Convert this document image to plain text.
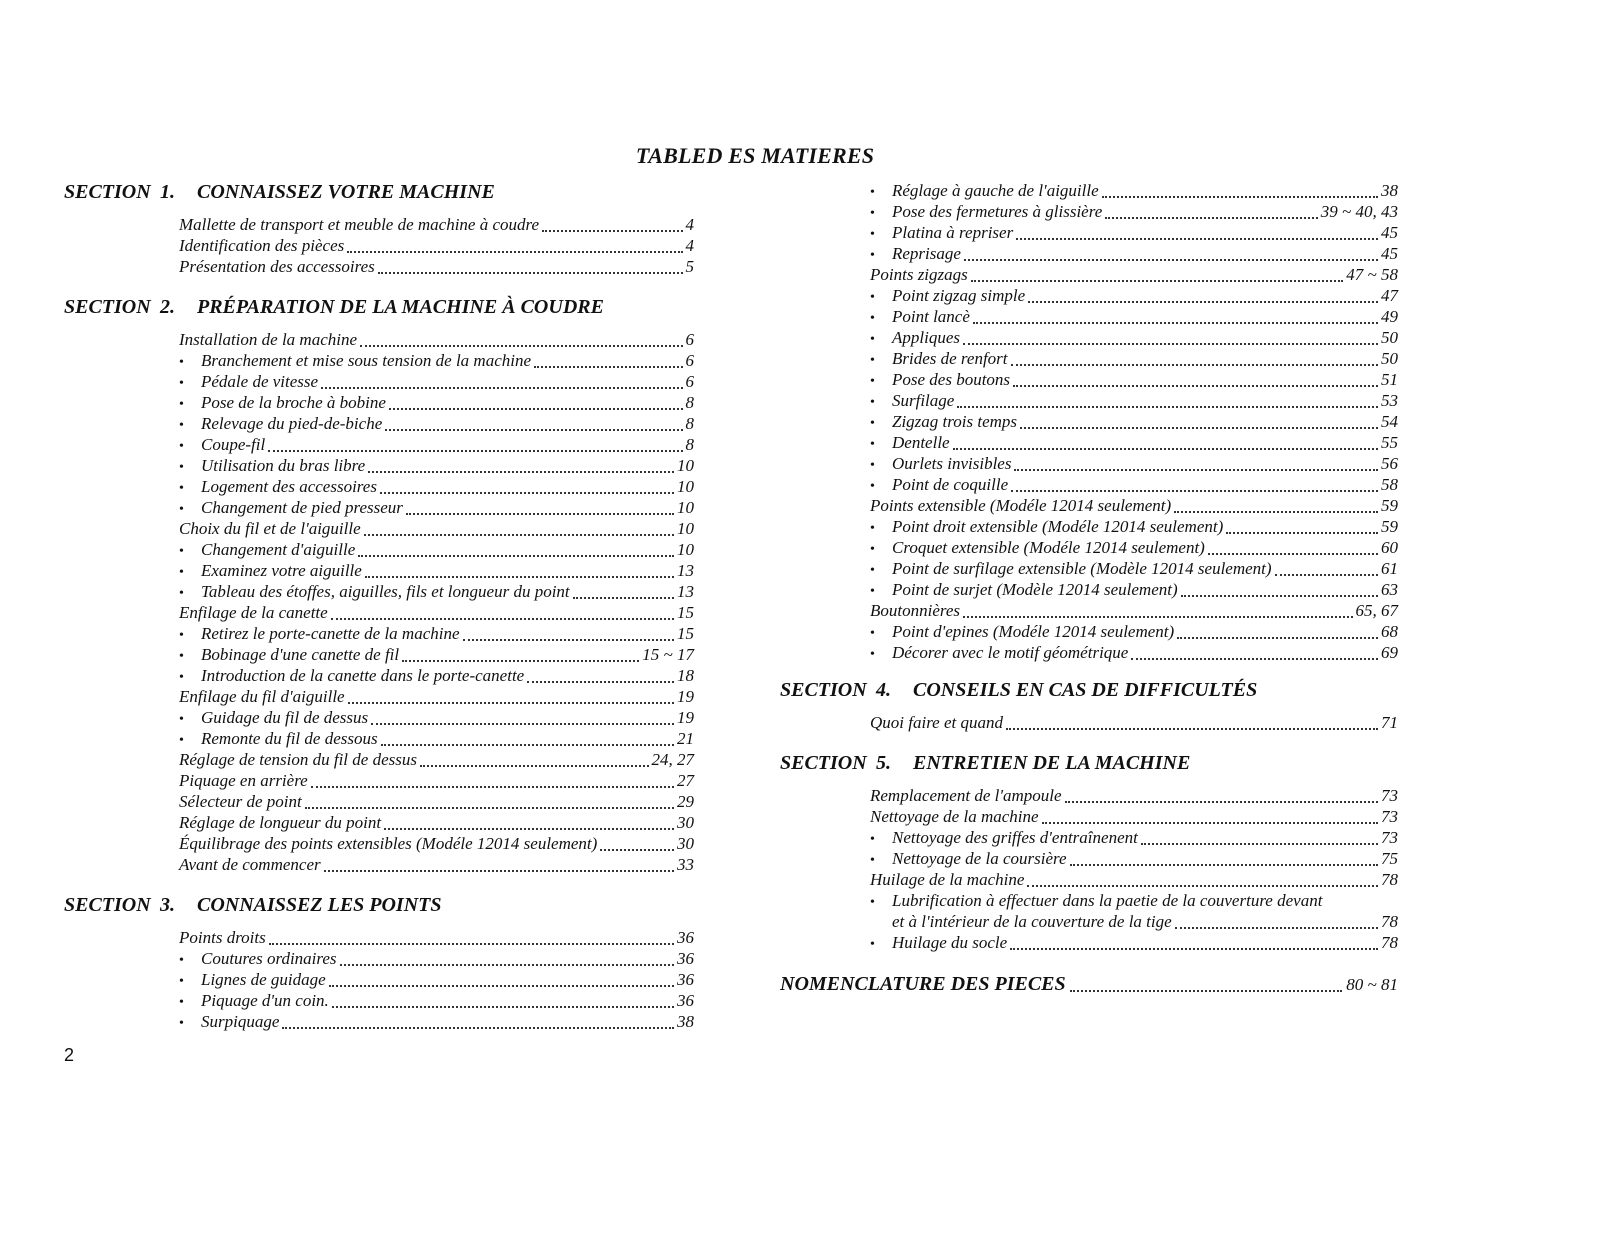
TABLED ES MATIERES
SECTION 1. CONNAISSEZ VOTRE MACHINE
Mallette de transport et meuble de machine à coudre	4
Identification des pièces	4
Présentation des accessoires	5
SECTION 2. PRÉPARATION DE LA MACHINE À COUDRE
Installation de la machine	6
•	Branchement et mise sous tension de la machine	6
•	Pédale de vitesse	6
•	Pose de la broche à bobine	8
•	Relevage du pied-de-biche	8
•	Coupe-fil	8
•	Utilisation du bras libre	10
•	Logement des accessoires	10
•	Changement de pied presseur	10
Choix du fil et de l'aiguille	10
•	Changement d'aiguille	10
•	Examinez votre aiguille	13
•	Tableau des étoffes, aiguilles, fils et longueur du point	13
Enfilage de la canette	15
•	Retirez le porte-canette de la machine	15
•	Bobinage d'une canette de fil	15 ~ 17
•	Introduction de la canette dans le porte-canette	18
Enfilage du fil d'aiguille	19
•	Guidage du fil de dessus	19
•	Remonte du fil de dessous	21
Réglage de tension du fil de dessus	24, 27
Piquage en arrière	27
Sélecteur de point	29
Réglage de longueur du point	30
Équilibrage des points extensibles (Modéle 12014 seulement)	30
Avant de commencer	33
SECTION 3. CONNAISSEZ LES POINTS
Points droits	36
•	Coutures ordinaires	36
•	Lignes de guidage	36
•	Piquage d'un coin.	36
•	Surpiquage	38
•	Réglage à gauche de l'aiguille	38
•	Pose des fermetures à glissière	39 ~ 40, 43
•	Platina à repriser	45
•	Reprisage	45
Points zigzags	47 ~ 58
•	Point zigzag simple	47
•	Point lancè	49
•	Appliques	50
•	Brides de renfort	50
•	Pose des boutons	51
•	Surfilage	53
•	Zigzag trois temps	54
•	Dentelle	55
•	Ourlets invisibles	56
•	Point de coquille	58
Points extensible (Modéle 12014 seulement)	59
•	Point droit extensible (Modéle 12014 seulement)	59
•	Croquet extensible (Modéle 12014 seulement)	60
•	Point de surfilage extensible (Modèle 12014 seulement)	61
•	Point de surjet (Modèle 12014 seulement)	63
Boutonnières	65, 67
•	Point d'epines (Modéle 12014 seulement)	68
•	Décorer avec le motif géométrique	69
SECTION 4. CONSEILS EN CAS DE DIFFICULTÉS
Quoi faire et quand	71
SECTION 5. ENTRETIEN DE LA MACHINE
Remplacement de l'ampoule	73
Nettoyage de la machine	73
•	Nettoyage des griffes d'entraînenent	73
•	Nettoyage de la coursière	75
Huilage de la machine	78
•	Lubrification à effectuer dans la paetie de la couverture devant
et à l'intérieur de la couverture de la tige	78
•	Huilage du socle	78
NOMENCLATURE DES PIECES	80 ~ 81
2
